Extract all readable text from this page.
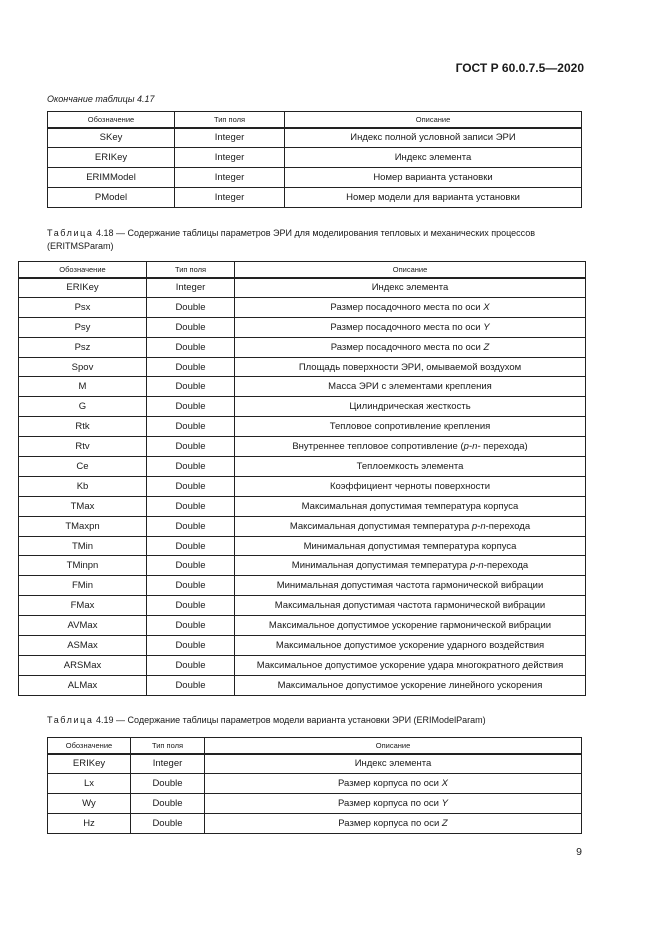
ГОСТ Р 60.0.7.5—2020
Окончание таблицы 4.17
Обозначение	Тип поля	Описание
SKey	Integer	Индекс полной условной записи ЭРИ
ERIKey	Integer	Индекс элемента
ERIMModel	Integer	Номер варианта установки
PModel	Integer	Номер модели для варианта установки
Таблица 4.18 — Содержание таблицы параметров ЭРИ для моделирования тепловых и механических процессов (ERITMSParam)
Обозначение	Тип поля	Описание
ERIKey	Integer	Индекс элемента
Psx	Double	Размер посадочного места по оси X
Psy	Double	Размер посадочного места по оси Y
Psz	Double	Размер посадочного места по оси Z
Spov	Double	Площадь поверхности ЭРИ, омываемой воздухом
M	Double	Масса ЭРИ с элементами крепления
G	Double	Цилиндрическая жесткость
Rtk	Double	Тепловое сопротивление крепления
Rtv	Double	Внутреннее тепловое сопротивление (p-n- перехода)
Ce	Double	Теплоемкость элемента
Kb	Double	Коэффициент черноты поверхности
TMax	Double	Максимальная допустимая температура корпуса
TMaxpn	Double	Максимальная допустимая температура p-n-перехода
TMin	Double	Минимальная допустимая температура корпуса
TMinpn	Double	Минимальная допустимая температура p-n-перехода
FMin	Double	Минимальная допустимая частота гармонической вибрации
FMax	Double	Максимальная допустимая частота гармонической вибрации
AVMax	Double	Максимальное допустимое ускорение гармонической вибрации
ASMax	Double	Максимальное допустимое ускорение ударного воздействия
ARSMax	Double	Максимальное допустимое ускорение удара многократного действия
ALMax	Double	Максимальное допустимое ускорение линейного ускорения
Таблица 4.19 — Содержание таблицы параметров модели варианта установки ЭРИ (ERIModelParam)
Обозначение	Тип поля	Описание
ERIKey	Integer	Индекс элемента
Lx	Double	Размер корпуса по оси X
Wy	Double	Размер корпуса по оси Y
Hz	Double	Размер корпуса по оси Z
9
